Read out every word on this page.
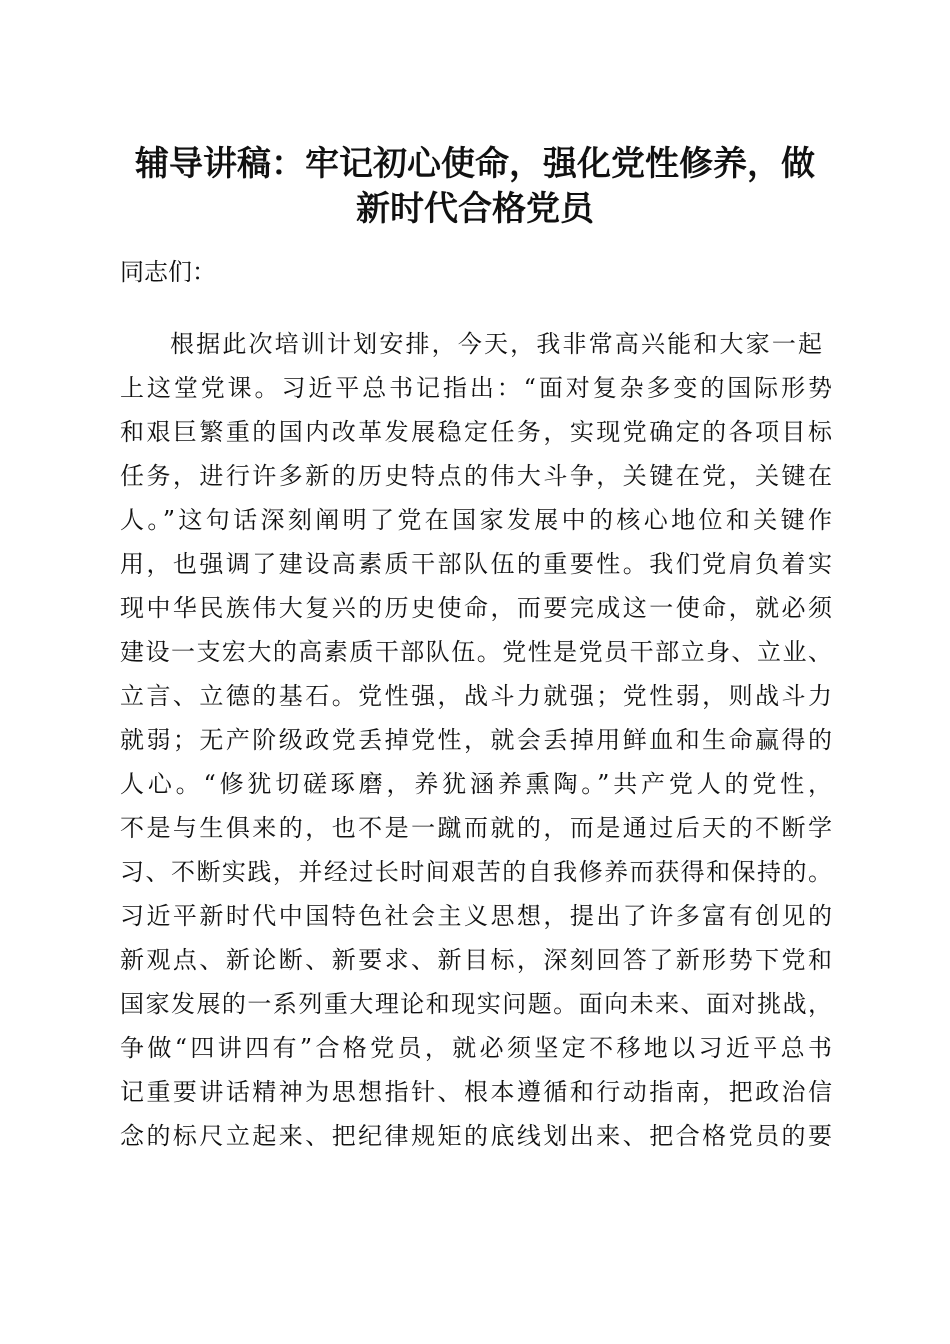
辅导讲稿：牢记初心使命，强化党性修养，做
新时代合格党员
同志们：
根据此次培训计划安排，今天，我非常高兴能和大家一起
上这堂党课。习近平总书记指出：“面对复杂多变的国际形势
和艰巨繁重的国内改革发展稳定任务，实现党确定的各项目标
任务，进行许多新的历史特点的伟大斗争，关键在党，关键在
人。”这句话深刻阐明了党在国家发展中的核心地位和关键作
用，也强调了建设高素质干部队伍的重要性。我们党肩负着实
现中华民族伟大复兴的历史使命，而要完成这一使命，就必须
建设一支宏大的高素质干部队伍。党性是党员干部立身、立业、
立言、立德的基石。党性强，战斗力就强；党性弱，则战斗力
就弱；无产阶级政党丢掉党性，就会丢掉用鲜血和生命赢得的
人心。“修犹切磋琢磨，养犹涵养熏陶。”共产党人的党性，
不是与生俱来的，也不是一蹴而就的，而是通过后天的不断学
习、不断实践，并经过长时间艰苦的自我修养而获得和保持的。
习近平新时代中国特色社会主义思想，提出了许多富有创见的
新观点、新论断、新要求、新目标，深刻回答了新形势下党和
国家发展的一系列重大理论和现实问题。面向未来、面对挑战，
争做“四讲四有”合格党员，就必须坚定不移地以习近平总书
记重要讲话精神为思想指针、根本遵循和行动指南，把政治信
念的标尺立起来、把纪律规矩的底线划出来、把合格党员的要
